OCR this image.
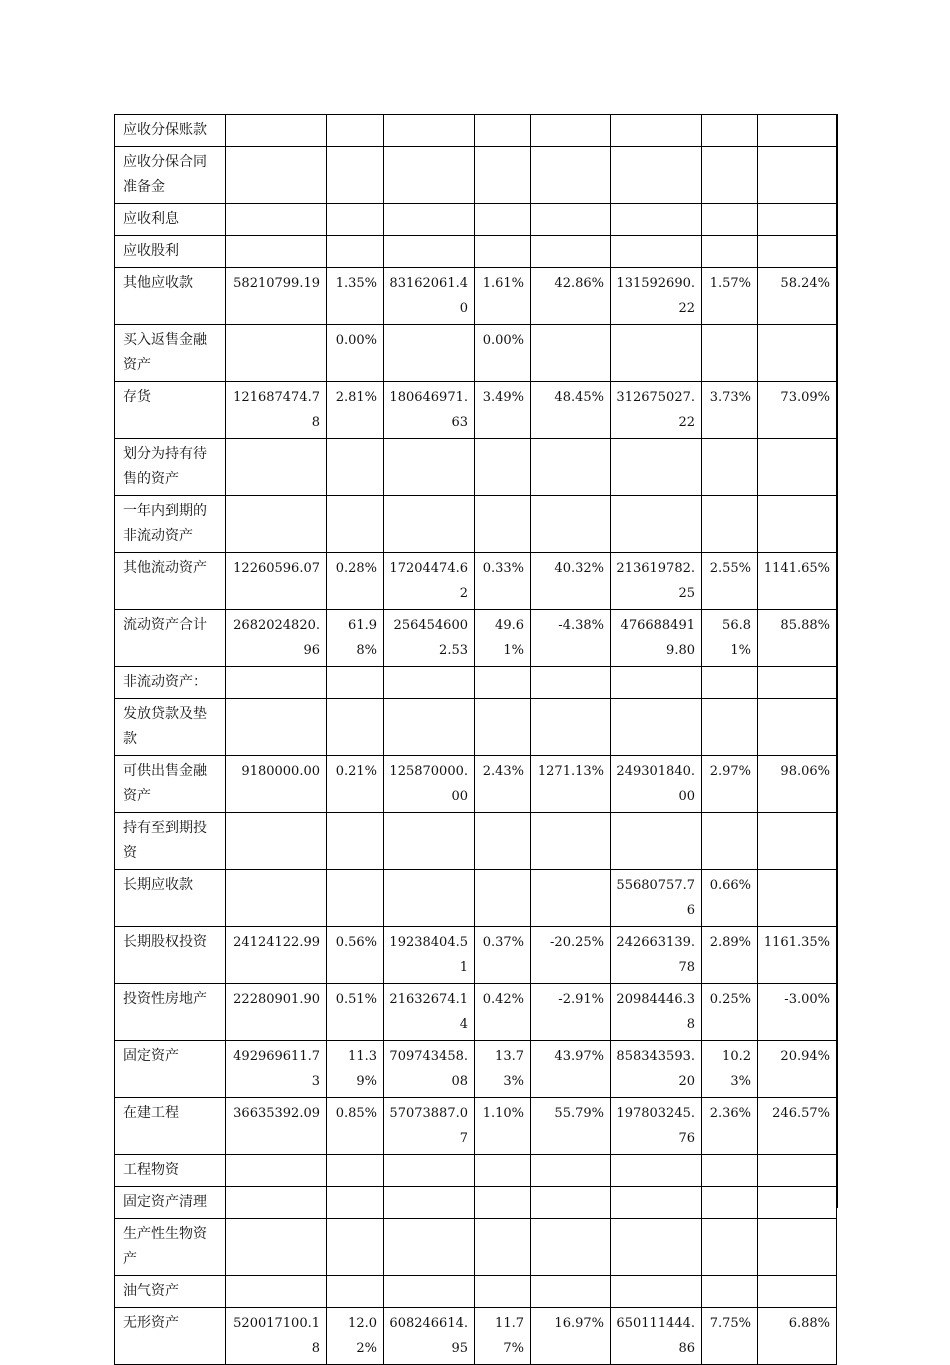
应收分保账款								
应收分保合同准备金								
应收利息								
应收股利								
其他应收款	58210799.19	1.35%	83162061.40	1.61%	42.86%	131592690.22	1.57%	58.24%
买入返售金融资产		0.00%		0.00%				
存货	121687474.78	2.81%	180646971.63	3.49%	48.45%	312675027.22	3.73%	73.09%
划分为持有待售的资产								
一年内到期的非流动资产								
其他流动资产	12260596.07	0.28%	17204474.62	0.33%	40.32%	213619782.25	2.55%	1141.65%
流动资产合计	2682024820.96	61.98%	2564546002.53	49.61%	-4.38%	4766884919.80	56.81%	85.88%
非流动资产：								
发放贷款及垫款								
可供出售金融资产	9180000.00	0.21%	125870000.00	2.43%	1271.13%	249301840.00	2.97%	98.06%
持有至到期投资								
长期应收款						55680757.76	0.66%	
长期股权投资	24124122.99	0.56%	19238404.51	0.37%	-20.25%	242663139.78	2.89%	1161.35%
投资性房地产	22280901.90	0.51%	21632674.14	0.42%	-2.91%	20984446.38	0.25%	-3.00%
固定资产	492969611.73	11.39%	709743458.08	13.73%	43.97%	858343593.20	10.23%	20.94%
在建工程	36635392.09	0.85%	57073887.07	1.10%	55.79%	197803245.76	2.36%	246.57%
工程物资								
固定资产清理								
生产性生物资产								
油气资产								
无形资产	520017100.18	12.02%	608246614.95	11.77%	16.97%	650111444.86	7.75%	6.88%
